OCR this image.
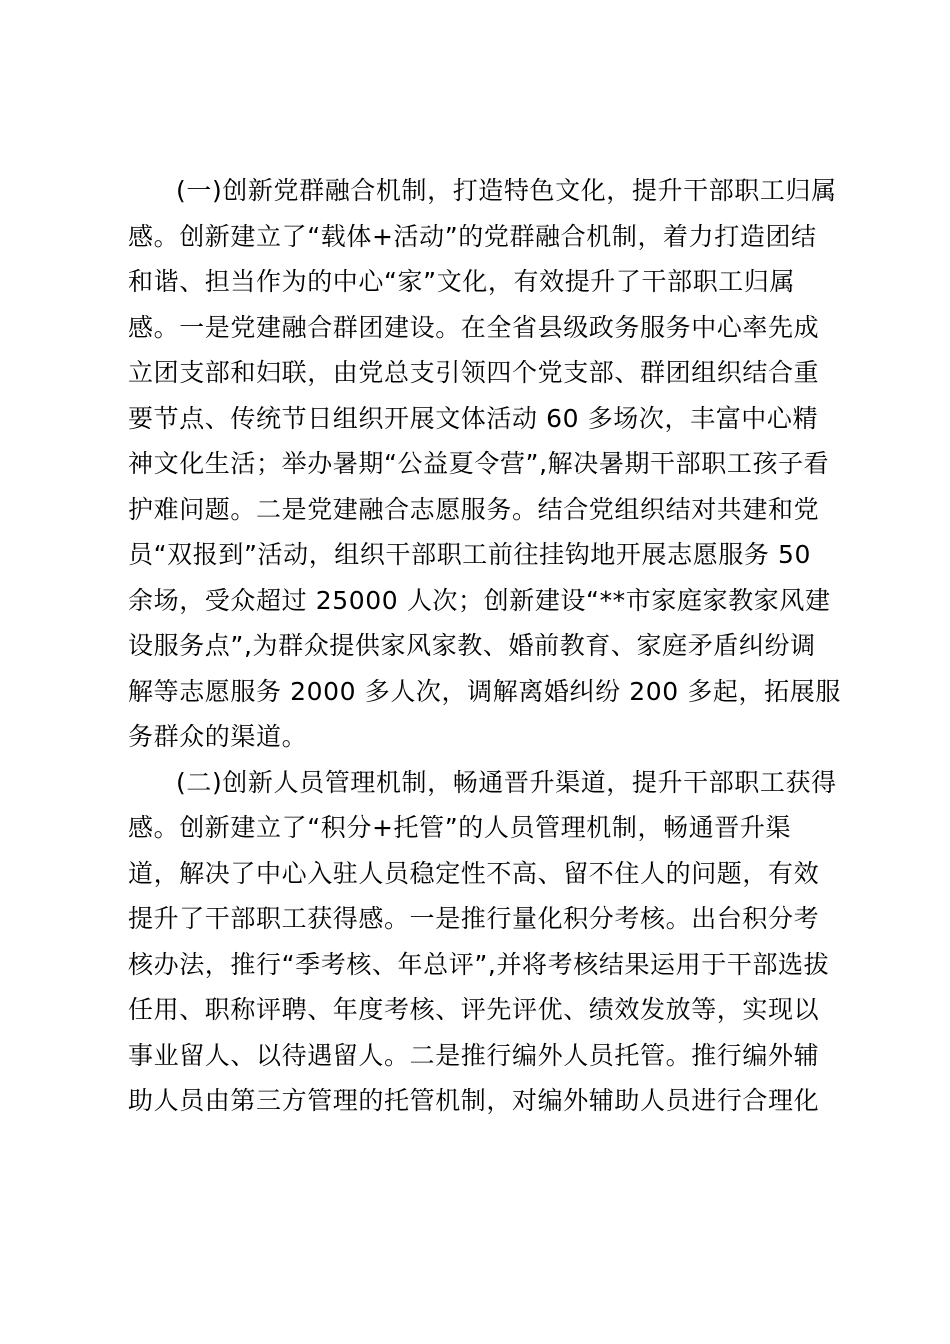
(一)创新党群融合机制，打造特色文化，提升干部职工归属
感。创新建立了“载体+活动”的党群融合机制，着力打造团结
和谐、担当作为的中心“家”文化，有效提升了干部职工归属
感。一是党建融合群团建设。在全省县级政务服务中心率先成
立团支部和妇联，由党总支引领四个党支部、群团组织结合重
要节点、传统节日组织开展文体活动 60 多场次，丰富中心精
神文化生活；举办暑期“公益夏令营”,解决暑期干部职工孩子看
护难问题。二是党建融合志愿服务。结合党组织结对共建和党
员“双报到”活动，组织干部职工前往挂钩地开展志愿服务 50
余场，受众超过 25000 人次；创新建设“**市家庭家教家风建
设服务点”,为群众提供家风家教、婚前教育、家庭矛盾纠纷调
解等志愿服务 2000 多人次，调解离婚纠纷 200 多起，拓展服
务群众的渠道。

(二)创新人员管理机制，畅通晋升渠道，提升干部职工获得
感。创新建立了“积分+托管”的人员管理机制，畅通晋升渠
道，解决了中心入驻人员稳定性不高、留不住人的问题，有效
提升了干部职工获得感。一是推行量化积分考核。出台积分考
核办法，推行“季考核、年总评”,并将考核结果运用于干部选拔
任用、职称评聘、年度考核、评先评优、绩效发放等，实现以
事业留人、以待遇留人。二是推行编外人员托管。推行编外辅
助人员由第三方管理的托管机制，对编外辅助人员进行合理化
